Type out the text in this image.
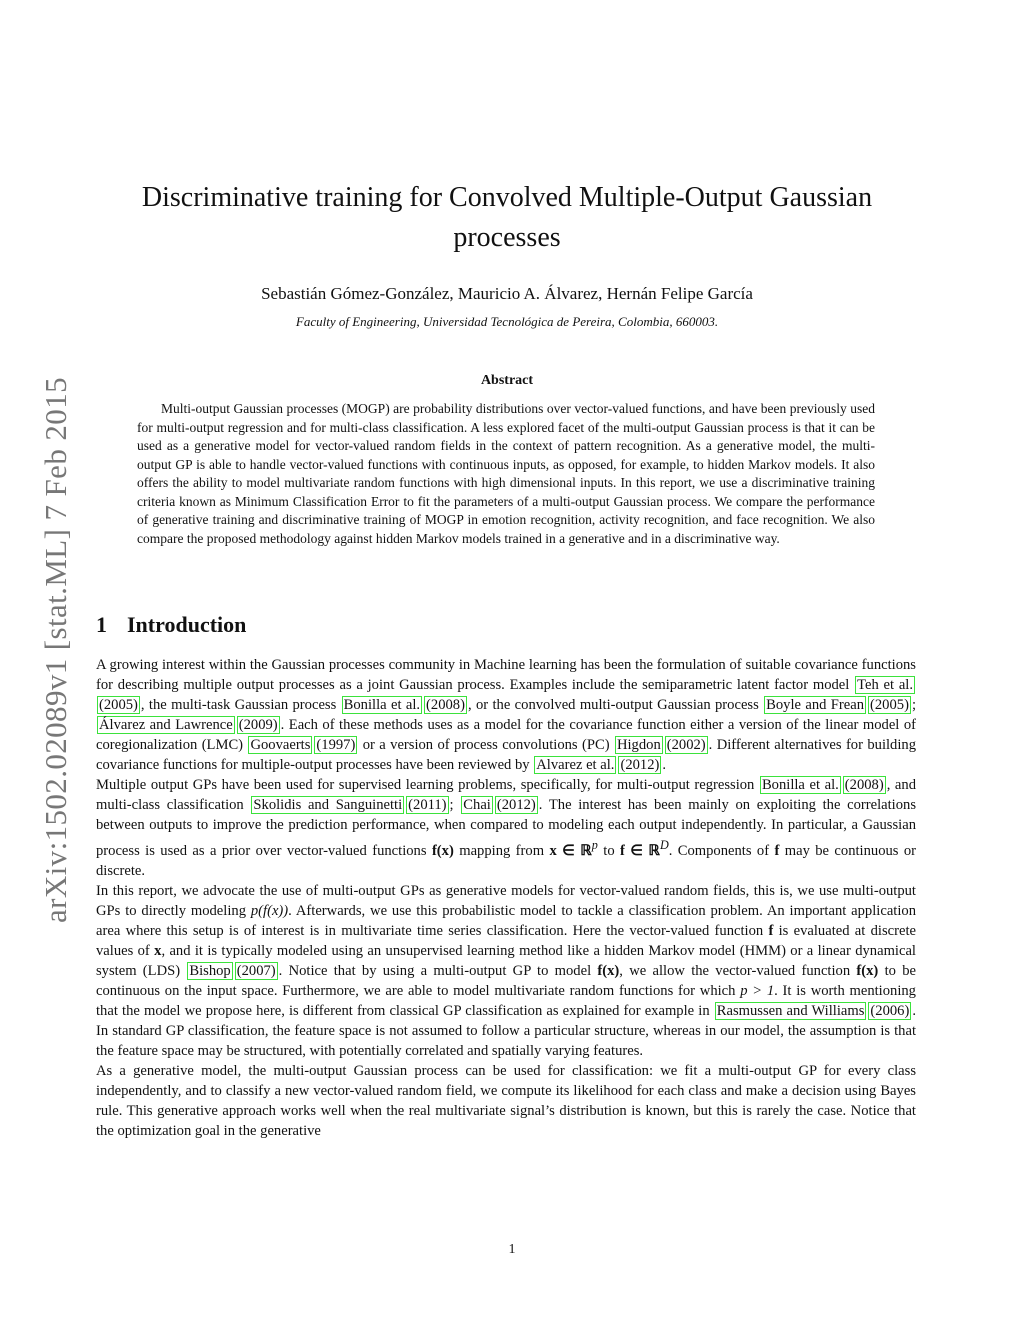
arXiv:1502.02089v1 [stat.ML] 7 Feb 2015
Discriminative training for Convolved Multiple-Output Gaussian processes
Sebastián Gómez-González, Mauricio A. Álvarez, Hernán Felipe García
Faculty of Engineering, Universidad Tecnológica de Pereira, Colombia, 660003.
Abstract

Multi-output Gaussian processes (MOGP) are probability distributions over vector-valued functions, and have been previously used for multi-output regression and for multi-class classification. A less explored facet of the multi-output Gaussian process is that it can be used as a generative model for vector-valued random fields in the context of pattern recognition. As a generative model, the multi-output GP is able to handle vector-valued functions with continuous inputs, as opposed, for example, to hidden Markov models. It also offers the ability to model multivariate random functions with high dimensional inputs. In this report, we use a discriminative training criteria known as Minimum Classification Error to fit the parameters of a multi-output Gaussian process. We compare the performance of generative training and discriminative training of MOGP in emotion recognition, activity recognition, and face recognition. We also compare the proposed methodology against hidden Markov models trained in a generative and in a discriminative way.

1 Introduction

A growing interest within the Gaussian processes community in Machine learning has been the formulation of suitable covariance functions for describing multiple output processes as a joint Gaussian process. Examples include the semiparametric latent factor model Teh et al.(2005) , the multi-task Gaussian process Bonilla et al. (2008) , or the convolved multi-output Gaussian process Boyle and Frean (2005) ; Álvarez and Lawrence (2009) . Each of these methods uses as a model for the covariance function either a version of the linear model of coregionalization (LMC) Goovaerts (1997) or a version of process convolutions (PC) Higdon (2002) . Different alternatives for building covariance functions for multiple-output processes have been reviewed by Alvarez et al. (2012) .

Multiple output GPs have been used for supervised learning problems, specifically, for multi-output regression Bonilla et al. (2008) , and multi-class classification Skolidis and Sanguinetti (2011) ; Chai (2012) . The interest has been mainly on exploiting the correlations between outputs to improve the prediction performance, when compared to modeling each output independently. In particular, a Gaussian process is used as a prior over vector-valued functions f(x) mapping from x ∈ ℝ$^p$ to f ∈ ℝ$^D$. Components of f may be continuous or discrete.

In this report, we advocate the use of multi-output GPs as generative models for vector-valued random fields, this is, we use multi-output GPs to directly modeling p(f(x)). Afterwards, we use this probabilistic model to tackle a classification problem. An important application area where this setup is of interest is in multivariate time series classification. Here the vector-valued function f is evaluated at discrete values of x, and it is typically modeled using an unsupervised learning method like a hidden Markov model (HMM) or a linear dynamical system (LDS) Bishop (2007) . Notice that by using a multi-output GP to model f(x), we allow the vector-valued function f(x) to be continuous on the input space. Furthermore, we are able to model multivariate random functions for which p > 1. It is worth mentioning that the model we propose here, is different from classical GP classification as explained for example in Rasmussen and Williams (2006) . In standard GP classification, the feature space is not assumed to follow a particular structure, whereas in our model, the assumption is that the feature space may be structured, with potentially correlated and spatially varying features.

As a generative model, the multi-output Gaussian process can be used for classification: we fit a multi-output GP for every class independently, and to classify a new vector-valued random field, we compute its likelihood for each class and make a decision using Bayes rule. This generative approach works well when the real multivariate signal’s distribution is known, but this is rarely the case. Notice that the optimization goal in the generative

1
